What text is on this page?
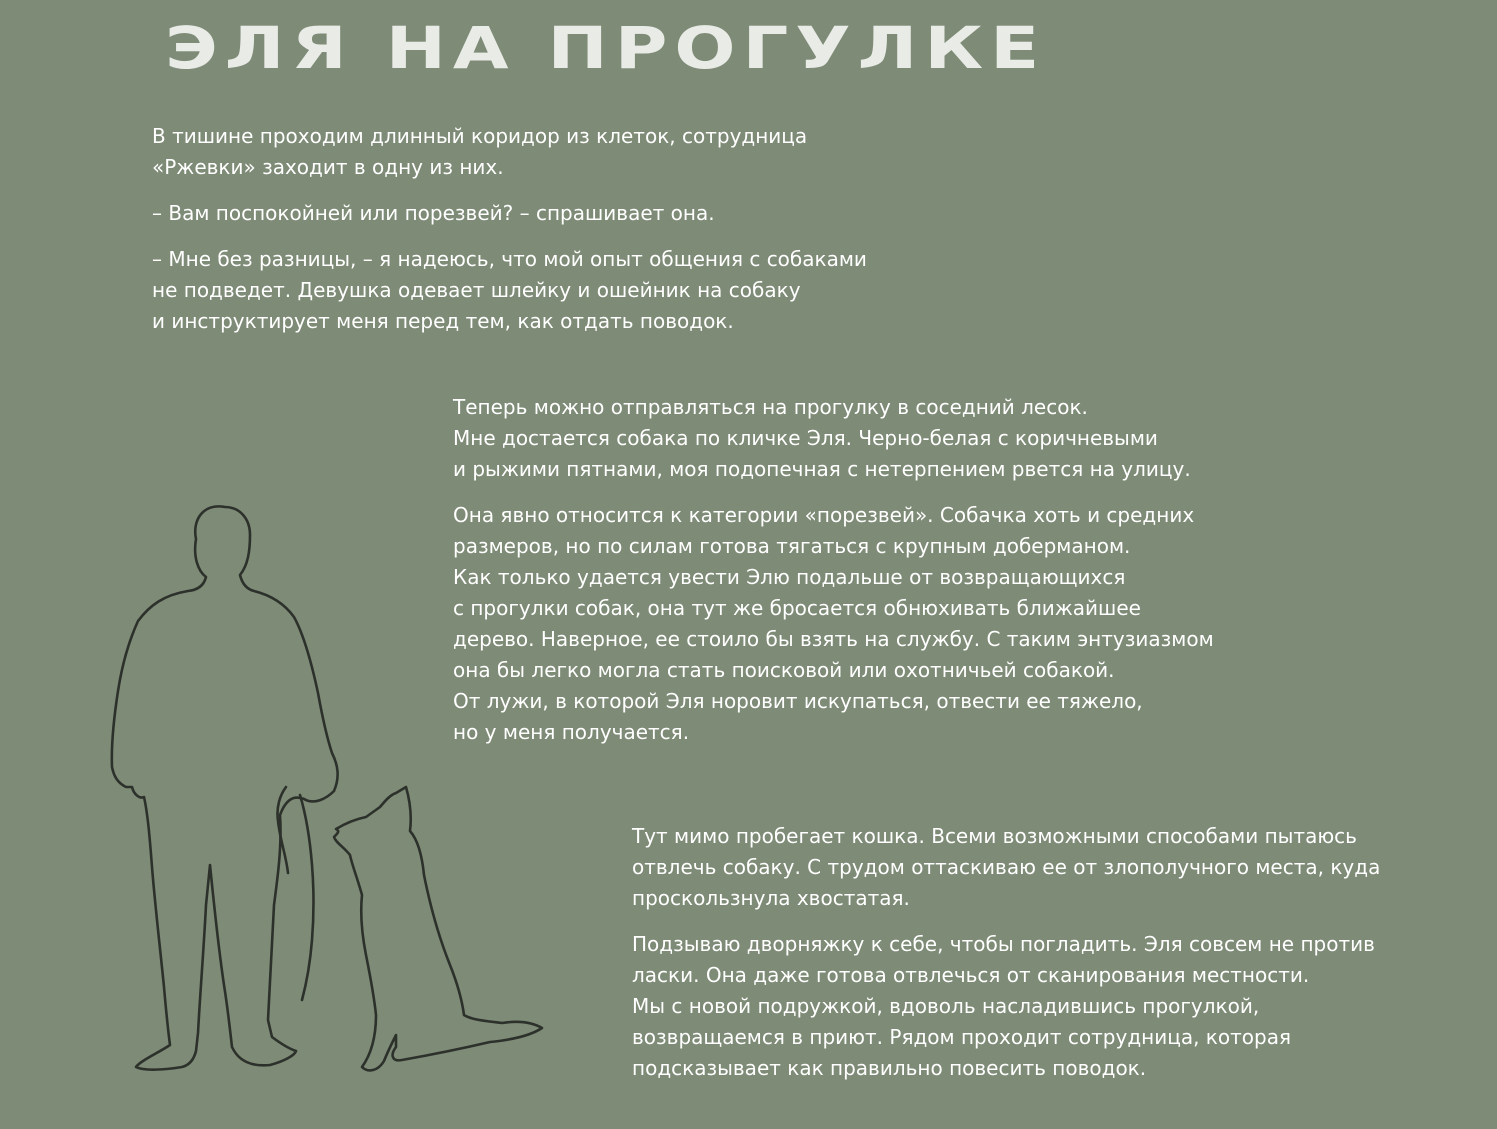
ЭЛЯ НА ПРОГУЛКЕ

В тишине проходим длинный коридор из клеток, сотрудница
«Ржевки» заходит в одну из них.

– Вам поспокойней или порезвей? – спрашивает она.

– Мне без разницы, – я надеюсь, что мой опыт общения с собаками
не подведет. Девушка одевает шлейку и ошейник на собаку
и инструктирует меня перед тем, как отдать поводок.

Теперь можно отправляться на прогулку в соседний лесок.
Мне достается собака по кличке Эля. Черно-белая с коричневыми
и рыжими пятнами, моя подопечная с нетерпением рвется на улицу.

Она явно относится к категории «порезвей». Собачка хоть и средних
размеров, но по силам готова тягаться с крупным доберманом.
Как только удается увести Элю подальше от возвращающихся
с прогулки собак, она тут же бросается обнюхивать ближайшее
дерево. Наверное, ее стоило бы взять на службу. С таким энтузиазмом
она бы легко могла стать поисковой или охотничьей собакой.
От лужи, в которой Эля норовит искупаться, отвести ее тяжело,
но у меня получается.

Тут мимо пробегает кошка. Всеми возможными способами пытаюсь
отвлечь собаку. С трудом оттаскиваю ее от злополучного места, куда
проскользнула хвостатая.

Подзываю дворняжку к себе, чтобы погладить. Эля совсем не против
ласки. Она даже готова отвлечься от сканирования местности.
Мы с новой подружкой, вдоволь насладившись прогулкой,
возвращаемся в приют. Рядом проходит сотрудница, которая
подсказывает как правильно повесить поводок.
